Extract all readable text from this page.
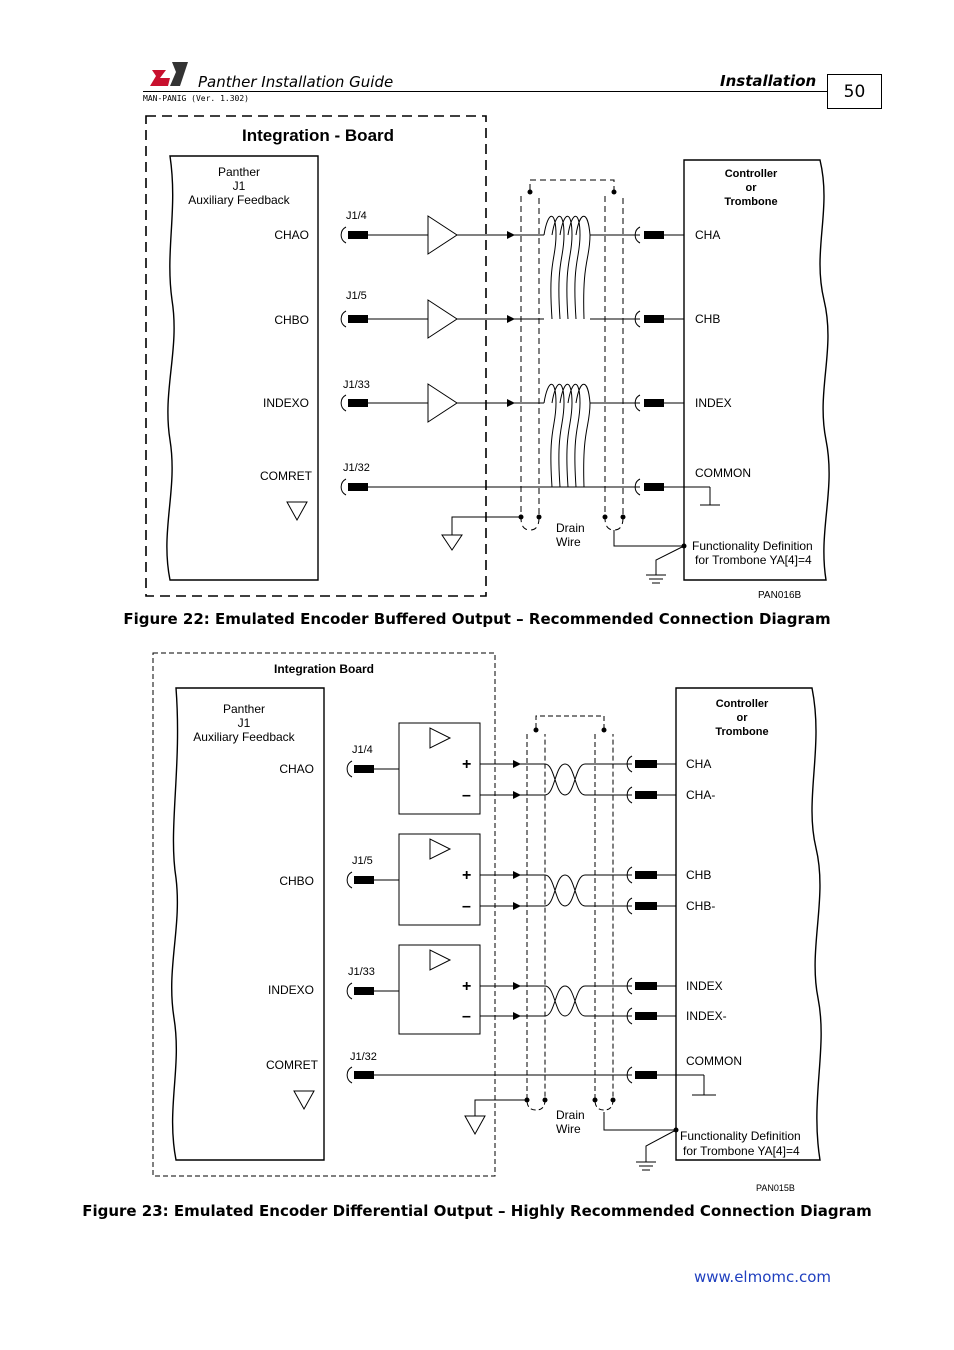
Panther Installation Guide	Installation
MAN-PANIG (Ver. 1.302)	50
Integration - Board
Panther
J1
Auxiliary Feedback
Controller
or
Trombone
CHAO
J1/4
CHA
CHBO
J1/5
CHB
INDEXO
J1/33
INDEX
COMRET
J1/32	COMMON
Drain
Wire	Functionality Definition
for Trombone YA[4]=4
PAN016B
Figure 22: Emulated Encoder Buffered Output – Recommended Connection Diagram
Integration Board
Panther
J1
Auxiliary Feedback
Controller
or
Trombone
CHAO
J1/4
+
–
CHA
CHA-
CHBO
J1/5
+
–
CHB
CHB-
INDEXO
J1/33
+
–
INDEX
INDEX-
COMRET
J1/32	COMMON
Drain
Wire	Functionality Definition
for Trombone YA[4]=4
PAN015B
Figure 23: Emulated Encoder Differential Output – Highly Recommended Connection Diagram
www.elmomc.com
